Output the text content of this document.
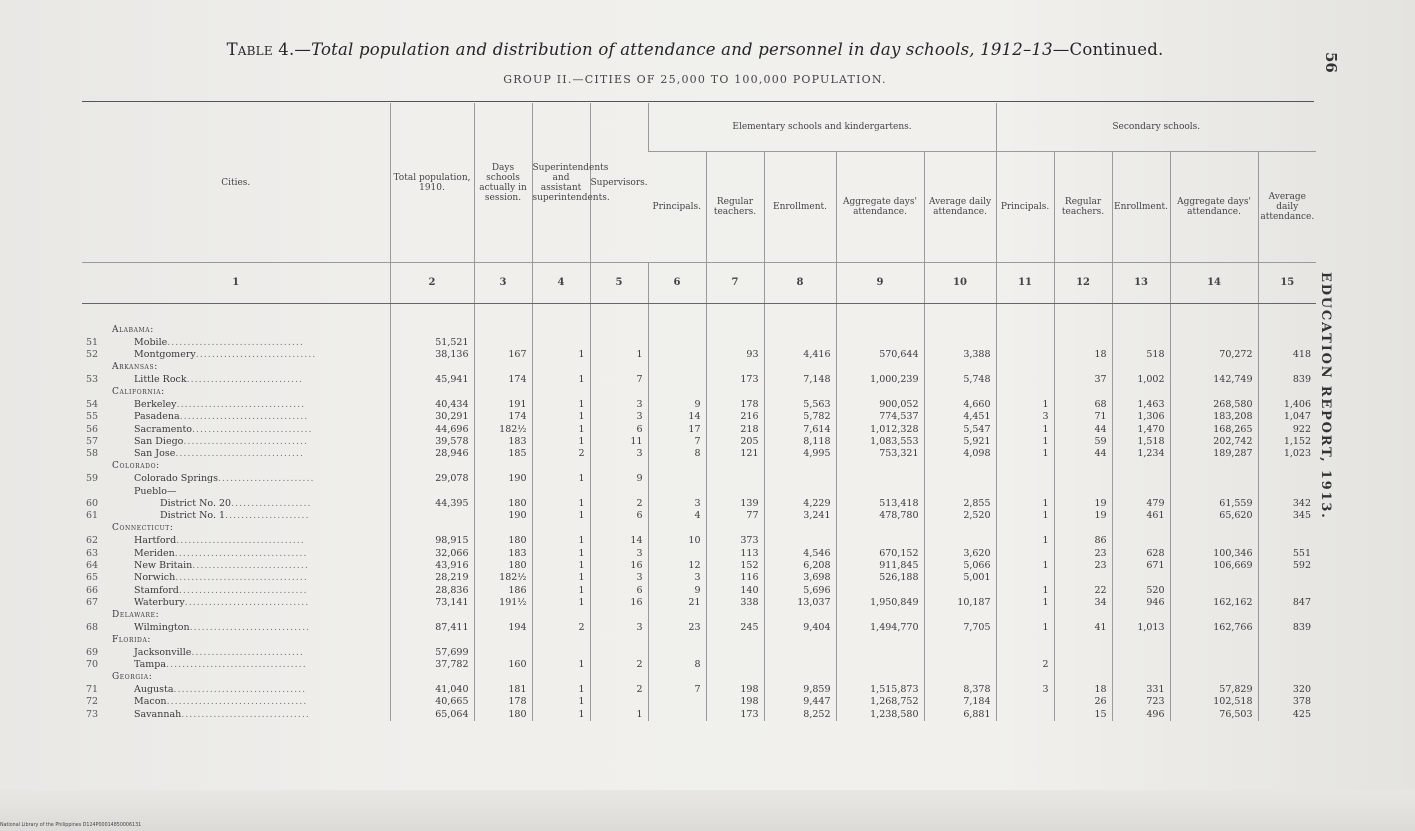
Table 4.—Total population and distribution of attendance and personnel in day schools, 1912–13—Continued.
GROUP II.—CITIES OF 25,000 TO 100,000 POPULATION.
56
EDUCATION REPORT, 1913.
Cities.	Total population, 1910.	Days schools actually in session.	Superintendents and assistant superintendents.	Supervisors.	Elementary schools and kindergartens.					Secondary schools.				
					Principals.	Regular teachers.	Enrollment.	Aggregate days' attendance.	Average daily attendance.	Principals.	Regular teachers.	Enrollment.	Aggregate days' attendance.	Average daily attendance.
1	2	3	4	5	6	7	8	9	10	11	12	13	14	15

Alabama:														
51 Mobile..................................	51,521													
52 Montgomery..............................	38,136	167	1	1		93	4,416	570,644	3,388		18	518	70,272	418
Arkansas:														
53 Little Rock.............................	45,941	174	1	7		173	7,148	1,000,239	5,748		37	1,002	142,749	839
California:														
54 Berkeley................................	40,434	191	1	3	9	178	5,563	900,052	4,660	1	68	1,463	268,580	1,406
55 Pasadena................................	30,291	174	1	3	14	216	5,782	774,537	4,451	3	71	1,306	183,208	1,047
56 Sacramento..............................	44,696	182½	1	6	17	218	7,614	1,012,328	5,547	1	44	1,470	168,265	922
57 San Diego...............................	39,578	183	1	11	7	205	8,118	1,083,553	5,921	1	59	1,518	202,742	1,152
58 San Jose................................	28,946	185	2	3	8	121	4,995	753,321	4,098	1	44	1,234	189,287	1,023
Colorado:														
59 Colorado Springs........................	29,078	190	1	9										
Pueblo—														
60 District No. 20....................	44,395	180	1	2	3	139	4,229	513,418	2,855	1	19	479	61,559	342
61 District No. 1.....................		190	1	6	4	77	3,241	478,780	2,520	1	19	461	65,620	345
Connecticut:														
62 Hartford................................	98,915	180	1	14	10	373				1	86			
63 Meriden.................................	32,066	183	1	3		113	4,546	670,152	3,620		23	628	100,346	551
64 New Britain.............................	43,916	180	1	16	12	152	6,208	911,845	5,066	1	23	671	106,669	592
65 Norwich.................................	28,219	182½	1	3	3	116	3,698	526,188	5,001					
66 Stamford................................	28,836	186	1	6	9	140	5,696			1	22	520		
67 Waterbury...............................	73,141	191½	1	16	21	338	13,037	1,950,849	10,187	1	34	946	162,162	847
Delaware:														
68 Wilmington..............................	87,411	194	2	3	23	245	9,404	1,494,770	7,705	1	41	1,013	162,766	839
Florida:														
69 Jacksonville............................	57,699													
70 Tampa...................................	37,782	160	1	2	8					2				
Georgia:														
71 Augusta.................................	41,040	181	1	2	7	198	9,859	1,515,873	8,378	3	18	331	57,829	320
72 Macon...................................	40,665	178	1			198	9,447	1,268,752	7,184		26	723	102,518	378
73 Savannah................................	65,064	180	1	1		173	8,252	1,238,580	6,881		15	496	76,503	425
National Library of the Philippines D124P00014850006131
